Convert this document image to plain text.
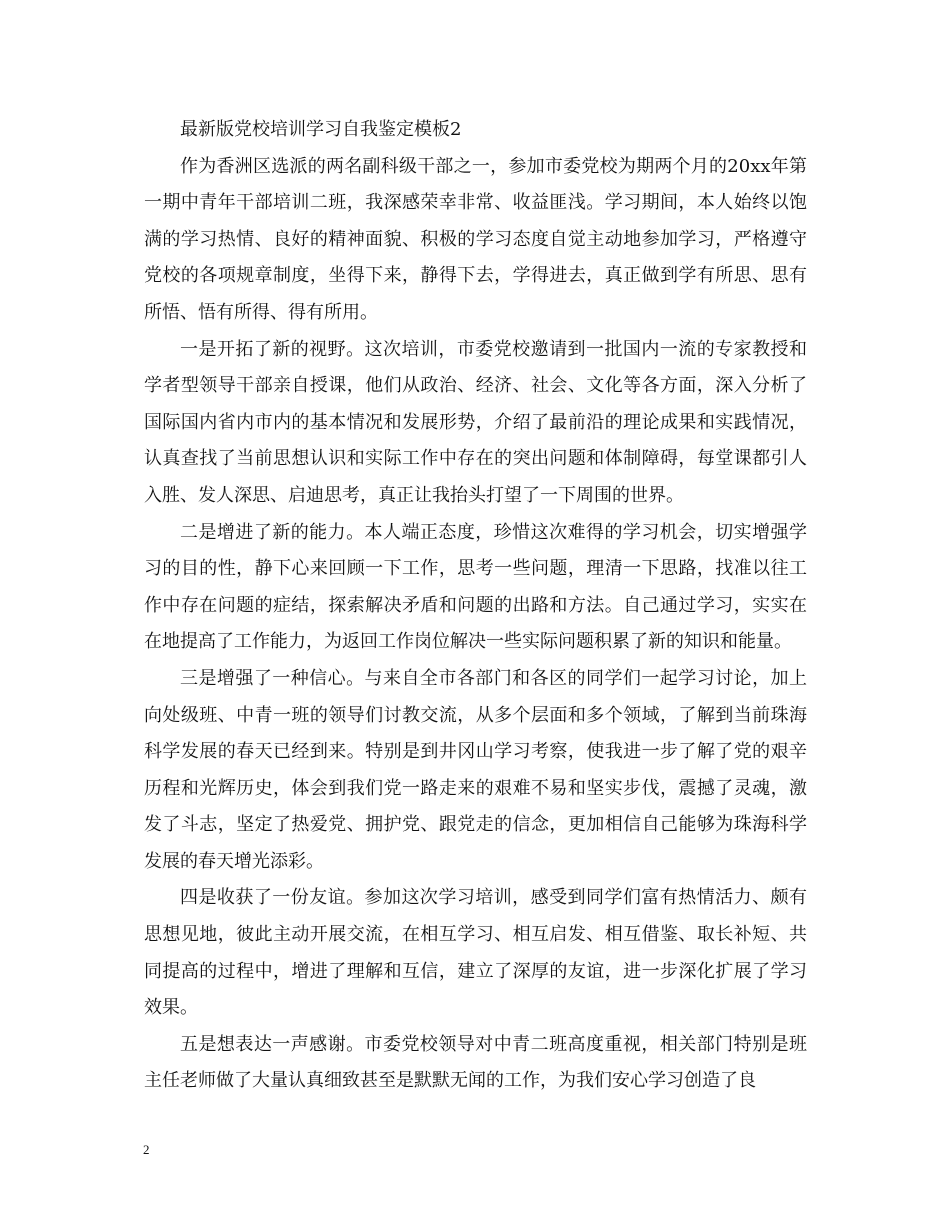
最新版党校培训学习自我鉴定模板2

作为香洲区选派的两名副科级干部之一，参加市委党校为期两个月的20xx年第一期中青年干部培训二班，我深感荣幸非常、收益匪浅。学习期间，本人始终以饱满的学习热情、良好的精神面貌、积极的学习态度自觉主动地参加学习，严格遵守党校的各项规章制度，坐得下来，静得下去，学得进去，真正做到学有所思、思有所悟、悟有所得、得有所用。

一是开拓了新的视野。这次培训，市委党校邀请到一批国内一流的专家教授和学者型领导干部亲自授课，他们从政治、经济、社会、文化等各方面，深入分析了国际国内省内市内的基本情况和发展形势，介绍了最前沿的理论成果和实践情况，认真查找了当前思想认识和实际工作中存在的突出问题和体制障碍，每堂课都引人入胜、发人深思、启迪思考，真正让我抬头打望了一下周围的世界。

二是增进了新的能力。本人端正态度，珍惜这次难得的学习机会，切实增强学习的目的性，静下心来回顾一下工作，思考一些问题，理清一下思路，找准以往工作中存在问题的症结，探索解决矛盾和问题的出路和方法。自己通过学习，实实在在地提高了工作能力，为返回工作岗位解决一些实际问题积累了新的知识和能量。

三是增强了一种信心。与来自全市各部门和各区的同学们一起学习讨论，加上向处级班、中青一班的领导们讨教交流，从多个层面和多个领域，了解到当前珠海科学发展的春天已经到来。特别是到井冈山学习考察，使我进一步了解了党的艰辛历程和光辉历史，体会到我们党一路走来的艰难不易和坚实步伐，震撼了灵魂，激发了斗志，坚定了热爱党、拥护党、跟党走的信念，更加相信自己能够为珠海科学发展的春天增光添彩。

四是收获了一份友谊。参加这次学习培训，感受到同学们富有热情活力、颇有思想见地，彼此主动开展交流，在相互学习、相互启发、相互借鉴、取长补短、共同提高的过程中，增进了理解和互信，建立了深厚的友谊，进一步深化扩展了学习效果。

五是想表达一声感谢。市委党校领导对中青二班高度重视，相关部门特别是班主任老师做了大量认真细致甚至是默默无闻的工作，为我们安心学习创造了良

2
